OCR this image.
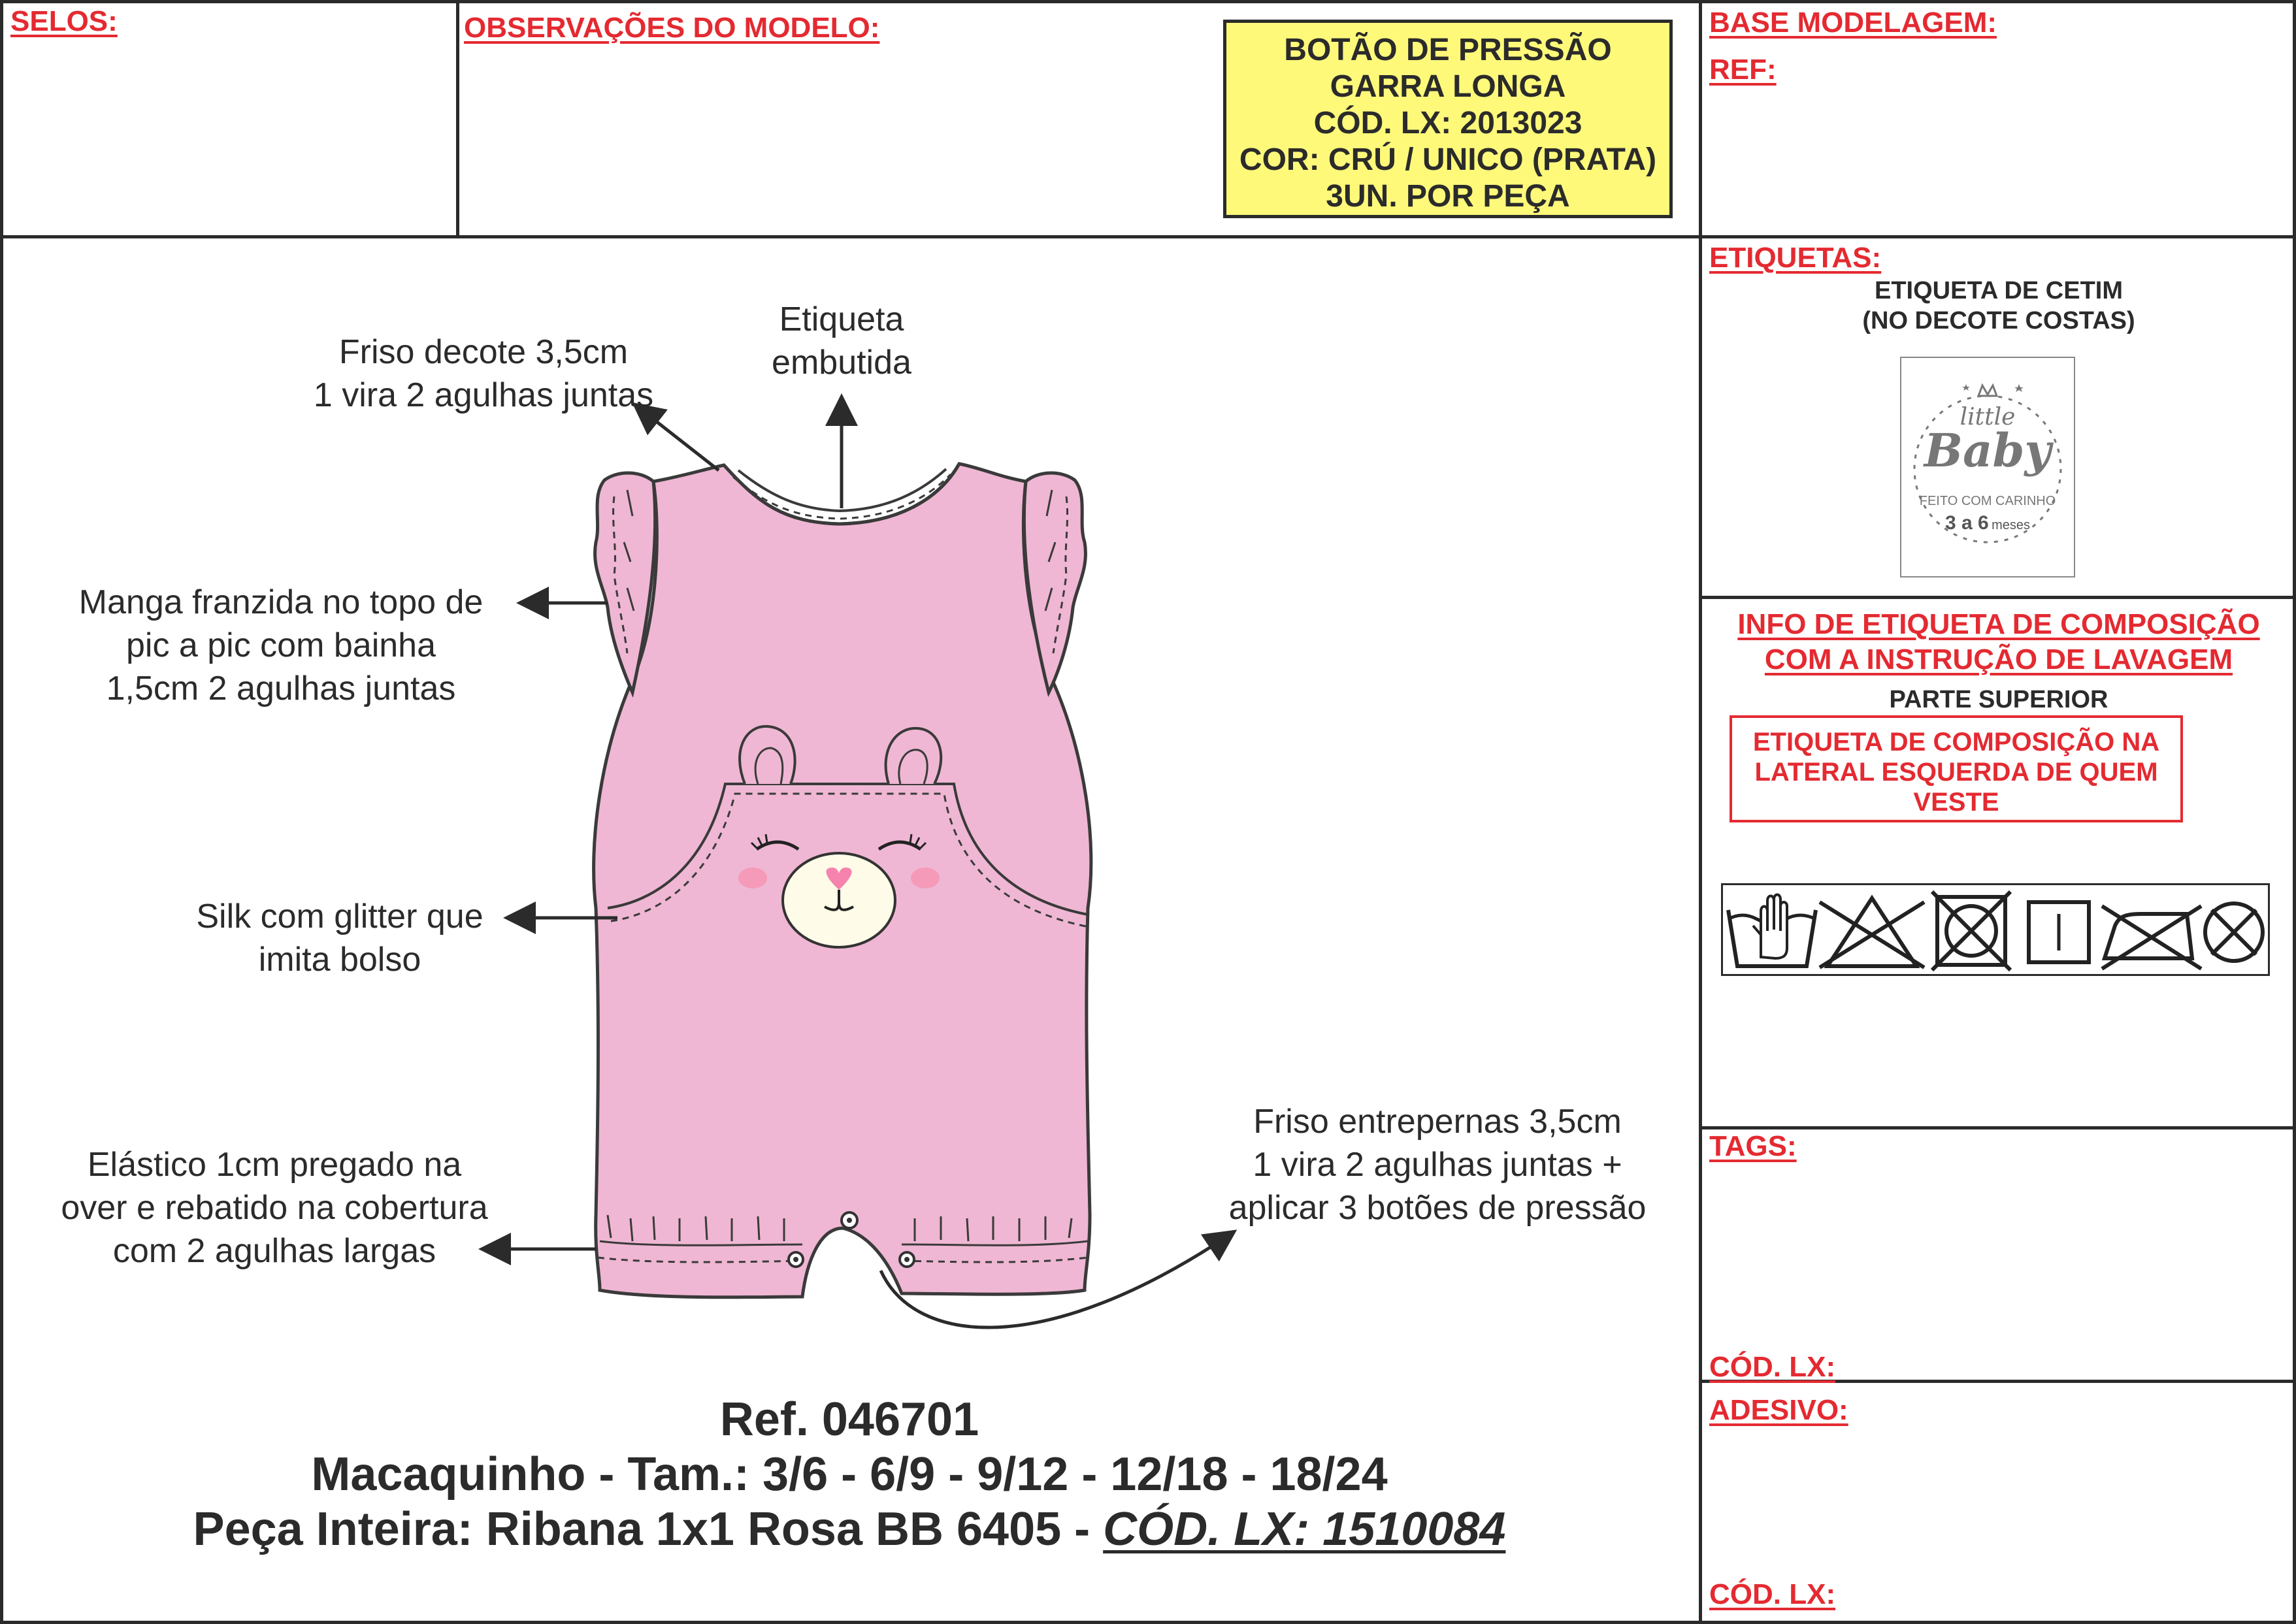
SELOS:	OBSERVAÇÕES DO MODELO:	BASE MODELAGEM:
REF:
BOTÃO DE PRESSÃO
GARRA LONGA
CÓD. LX: 2013023
COR: CRÚ / UNICO (PRATA)
3UN. POR PEÇA
Friso decote 3,5cm
1 vira 2 agulhas juntas
Etiqueta
embutida
Manga franzida no topo de
pic a pic com bainha
1,5cm 2 agulhas juntas
Silk com glitter que
imita bolso
Elástico 1cm pregado na
over e rebatido na cobertura
com 2 agulhas largas
Friso entrepernas 3,5cm
1 vira 2 agulhas juntas +
aplicar 3 botões de pressão
Ref. 046701
Macaquinho - Tam.: 3/6 - 6/9 - 9/12 - 12/18 - 18/24
Peça Inteira: Ribana 1x1 Rosa BB 6405 - CÓD. LX: 1510084
ETIQUETAS:
ETIQUETA DE CETIM
(NO DECOTE COSTAS)
little
Baby
FEITO COM CARINHO
3 a 6 meses
INFO DE ETIQUETA DE COMPOSIÇÃO
COM A INSTRUÇÃO DE LAVAGEM
PARTE SUPERIOR
ETIQUETA DE COMPOSIÇÃO NA
LATERAL ESQUERDA DE QUEM
VESTE
TAGS:
CÓD. LX:
ADESIVO:
CÓD. LX:
